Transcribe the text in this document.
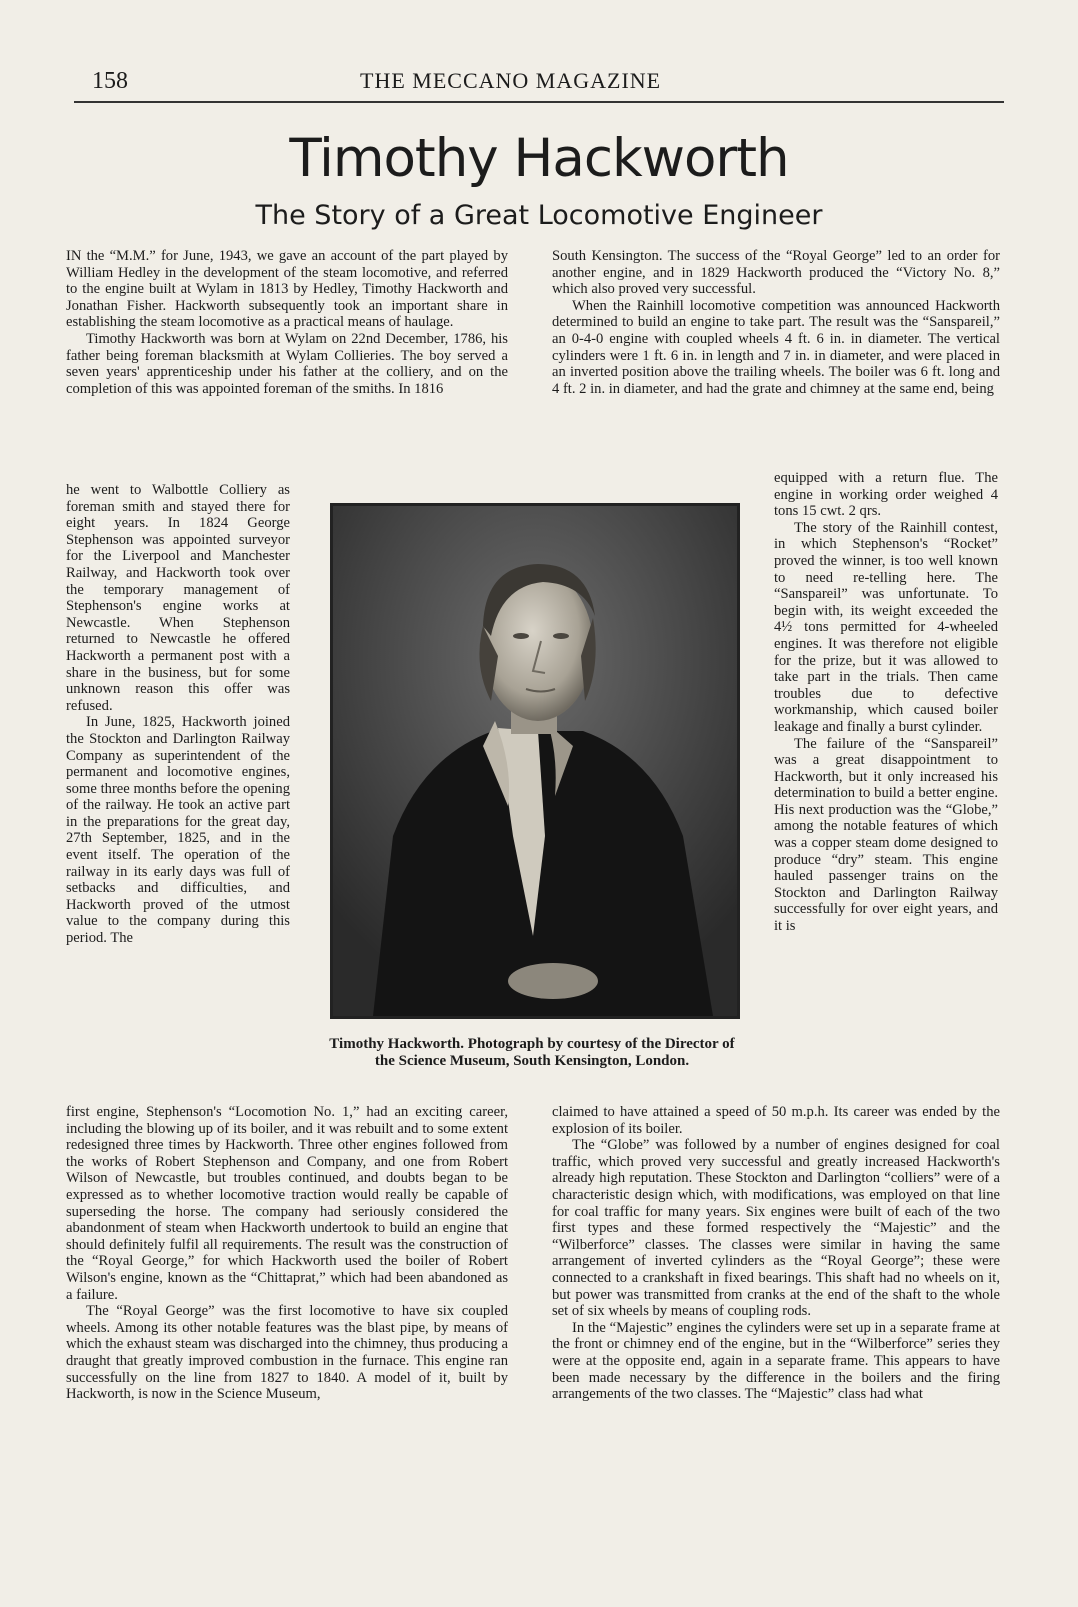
158	THE MECCANO MAGAZINE
Timothy Hackworth
The Story of a Great Locomotive Engineer

IN the “M.M.” for June, 1943, we gave an account of the part played by William Hedley in the development of the steam locomotive, and referred to the engine built at Wylam in 1813 by Hedley, Timothy Hackworth and Jonathan Fisher. Hackworth subsequently took an important share in establishing the steam locomotive as a practical means of haulage.

Timothy Hackworth was born at Wylam on 22nd December, 1786, his father being foreman blacksmith at Wylam Collieries. The boy served a seven years' apprenticeship under his father at the colliery, and on the completion of this was appointed foreman of the smiths. In 1816

he went to Walbottle Colliery as foreman smith and stayed there for eight years. In 1824 George Stephenson was appointed surveyor for the Liverpool and Manchester Railway, and Hackworth took over the temporary management of Stephenson's engine works at Newcastle. When Stephenson returned to Newcastle he offered Hackworth a permanent post with a share in the business, but for some unknown reason this offer was refused.

In June, 1825, Hackworth joined the Stockton and Darlington Railway Company as superintendent of the permanent and locomotive engines, some three months before the opening of the railway. He took an active part in the preparations for the great day, 27th September, 1825, and in the event itself. The operation of the railway in its early days was full of setbacks and difficulties, and Hackworth proved of the utmost value to the company during this period. The

first engine, Stephenson's “Locomotion No. 1,” had an exciting career, including the blowing up of its boiler, and it was rebuilt and to some extent redesigned three times by Hackworth. Three other engines followed from the works of Robert Stephenson and Company, and one from Robert Wilson of Newcastle, but troubles continued, and doubts began to be expressed as to whether locomotive traction would really be capable of superseding the horse. The company had seriously considered the abandonment of steam when Hackworth undertook to build an engine that should definitely fulfil all requirements. The result was the construction of the “Royal George,” for which Hackworth used the boiler of Robert Wilson's engine, known as the “Chittaprat,” which had been abandoned as a failure.

The “Royal George” was the first locomotive to have six coupled wheels. Among its other notable features was the blast pipe, by means of which the exhaust steam was discharged into the chimney, thus producing a draught that greatly improved combustion in the furnace. This engine ran successfully on the line from 1827 to 1840. A model of it, built by Hackworth, is now in the Science Museum,

South Kensington. The success of the “Royal George” led to an order for another engine, and in 1829 Hackworth produced the “Victory No. 8,” which also proved very successful.

When the Rainhill locomotive competition was announced Hackworth determined to build an engine to take part. The result was the “Sanspareil,” an 0-4-0 engine with coupled wheels 4 ft. 6 in. in diameter. The vertical cylinders were 1 ft. 6 in. in length and 7 in. in diameter, and were placed in an inverted position above the trailing wheels. The boiler was 6 ft. long and 4 ft. 2 in. in diameter, and had the grate and chimney at the same end, being

equipped with a return flue. The engine in working order weighed 4 tons 15 cwt. 2 qrs.

The story of the Rainhill contest, in which Stephenson's “Rocket” proved the winner, is too well known to need re-telling here. The “Sanspareil” was unfortunate. To begin with, its weight exceeded the 4½ tons permitted for 4-wheeled engines. It was therefore not eligible for the prize, but it was allowed to take part in the trials. Then came troubles due to defective workmanship, which caused boiler leakage and finally a burst cylinder.

The failure of the “Sanspareil” was a great disappointment to Hackworth, but it only increased his determination to build a better engine. His next production was the “Globe,” among the notable features of which was a copper steam dome designed to produce “dry” steam. This engine hauled passenger trains on the Stockton and Darlington Railway successfully for over eight years, and it is

claimed to have attained a speed of 50 m.p.h. Its career was ended by the explosion of its boiler.

The “Globe” was followed by a number of engines designed for coal traffic, which proved very successful and greatly increased Hackworth's already high reputation. These Stockton and Darlington “colliers” were of a characteristic design which, with modifications, was employed on that line for coal traffic for many years. Six engines were built of each of the two first types and these formed respectively the “Majestic” and the “Wilberforce” classes. The classes were similar in having the same arrangement of inverted cylinders as the “Royal George”; these were connected to a crankshaft in fixed bearings. This shaft had no wheels on it, but power was transmitted from cranks at the end of the shaft to the whole set of six wheels by means of coupling rods.

In the “Majestic” engines the cylinders were set up in a separate frame at the front or chimney end of the engine, but in the “Wilberforce” series they were at the opposite end, again in a separate frame. This appears to have been made necessary by the difference in the boilers and the firing arrangements of the two classes. The “Majestic” class had what

Timothy Hackworth. Photograph by courtesy of the Director of the Science Museum, South Kensington, London.
